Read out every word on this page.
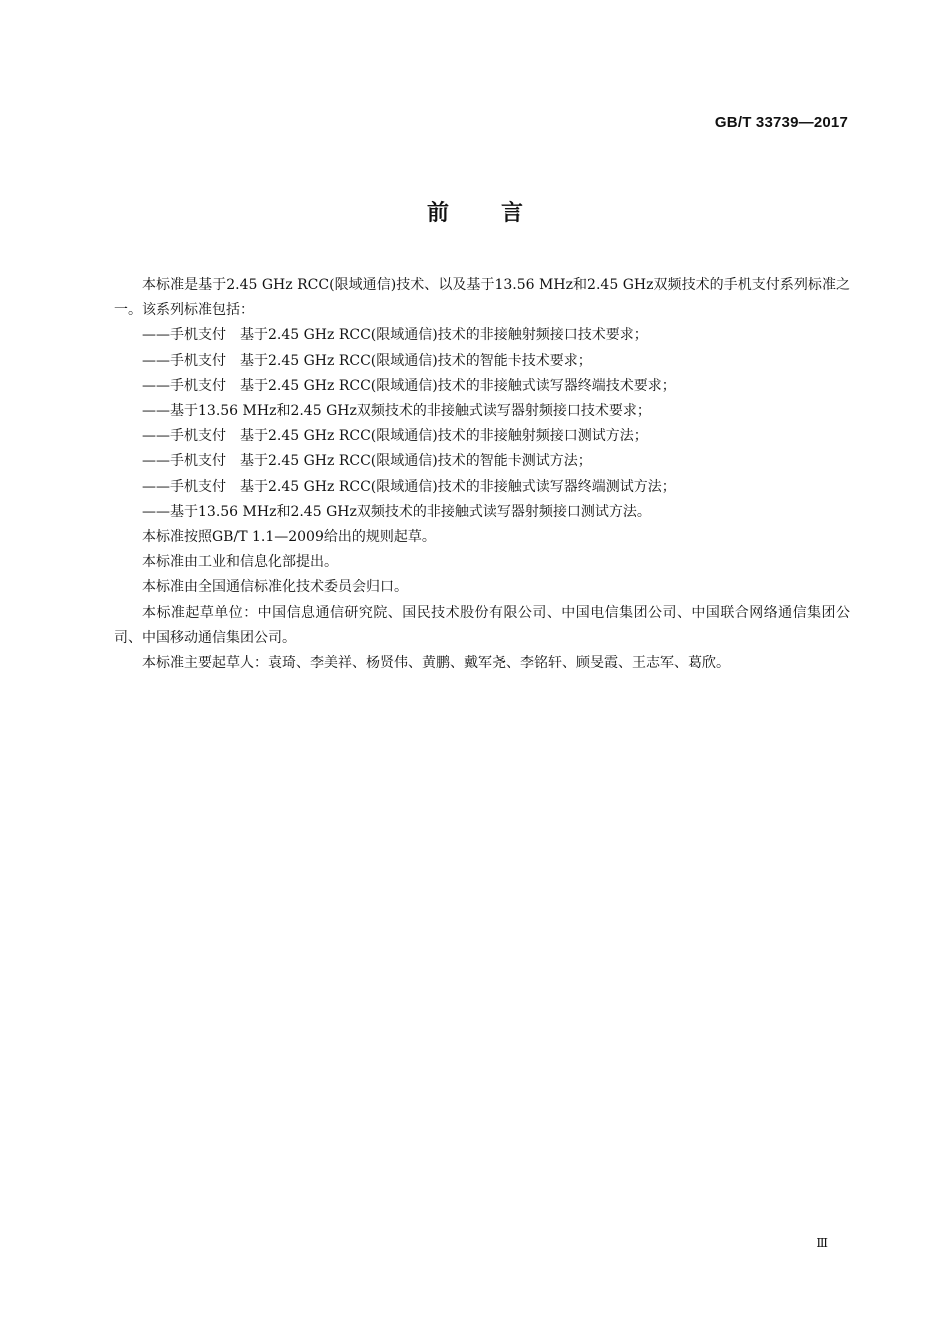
GB/T 33739—2017
前 言

本标准是基于2.45 GHz RCC(限域通信)技术、以及基于13.56 MHz和2.45 GHz双频技术的手机支付系列标准之一。该系列标准包括：

——手机支付　基于2.45 GHz RCC(限域通信)技术的非接触射频接口技术要求；

——手机支付　基于2.45 GHz RCC(限域通信)技术的智能卡技术要求；

——手机支付　基于2.45 GHz RCC(限域通信)技术的非接触式读写器终端技术要求；

——基于13.56 MHz和2.45 GHz双频技术的非接触式读写器射频接口技术要求；

——手机支付　基于2.45 GHz RCC(限域通信)技术的非接触射频接口测试方法；

——手机支付　基于2.45 GHz RCC(限域通信)技术的智能卡测试方法；

——手机支付　基于2.45 GHz RCC(限域通信)技术的非接触式读写器终端测试方法；

——基于13.56 MHz和2.45 GHz双频技术的非接触式读写器射频接口测试方法。

本标准按照GB/T 1.1—2009给出的规则起草。

本标准由工业和信息化部提出。

本标准由全国通信标准化技术委员会归口。

本标准起草单位：中国信息通信研究院、国民技术股份有限公司、中国电信集团公司、中国联合网络通信集团公司、中国移动通信集团公司。

本标准主要起草人：袁琦、李美祥、杨贤伟、黄鹏、戴军尧、李铭轩、顾旻霞、王志军、葛欣。

Ⅲ
